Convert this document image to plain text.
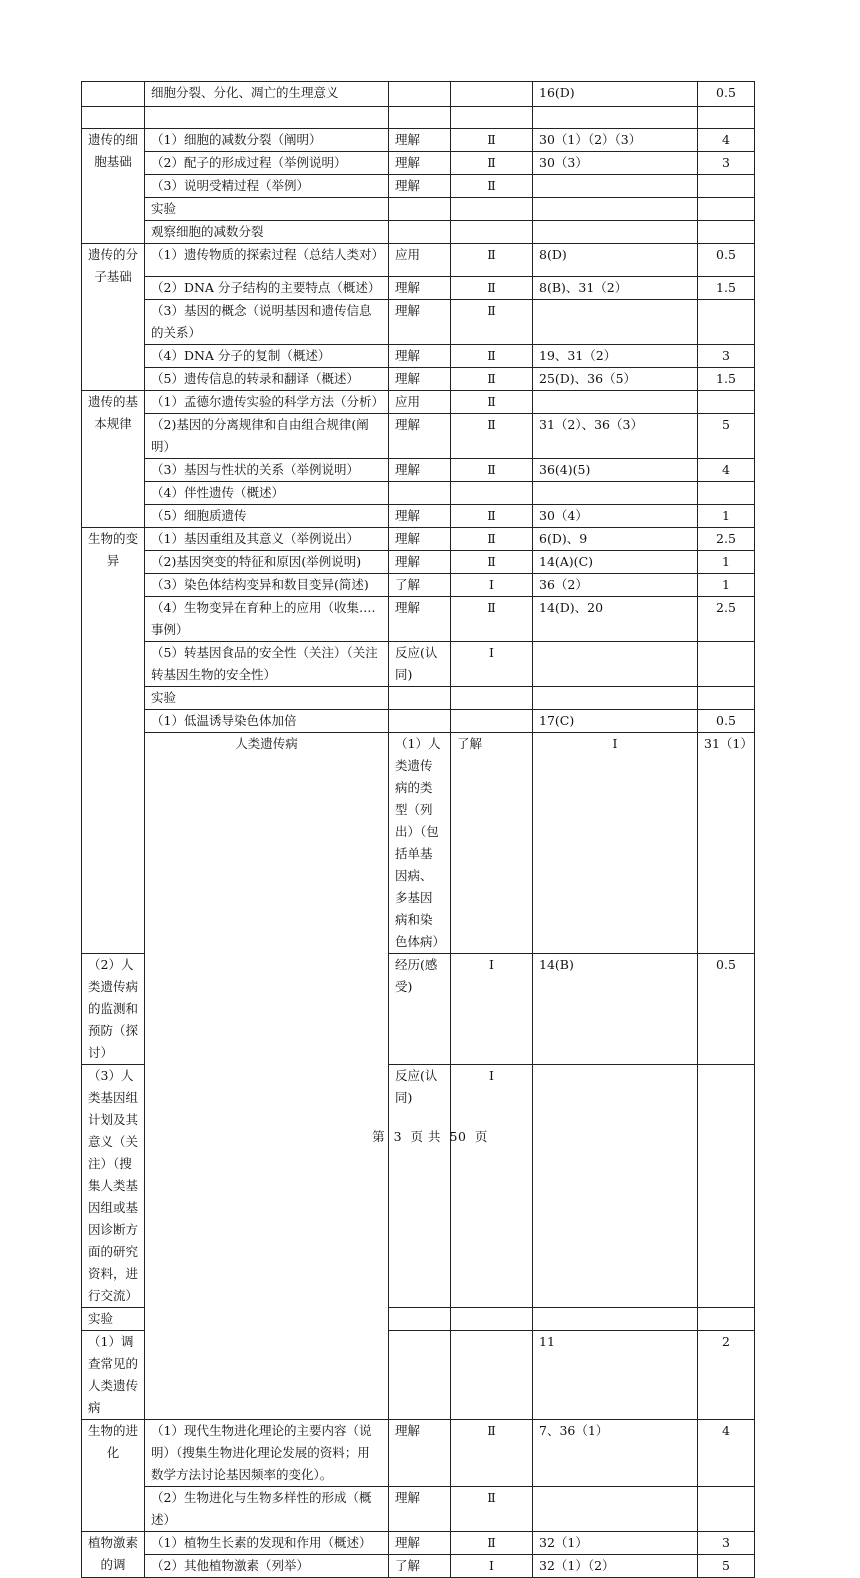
	细胞分裂、分化、凋亡的生理意义			16(D)	0.5	

遗传的细胞基础	（1）细胞的减数分裂（阐明）	理解	Ⅱ	30（1）（2）（3）	4	
	（2）配子的形成过程（举例说明）	理解	Ⅱ	30（3）	3	
	（3）说明受精过程（举例）	理解	Ⅱ			
	实验					
	观察细胞的减数分裂					
遗传的分子基础	（1）遗传物质的探索过程（总结人类对）	应用	Ⅱ	8(D)	0.5	
	（2）DNA 分子结构的主要特点（概述）	理解	Ⅱ	8(B)、31（2）	1.5	
	（3）基因的概念（说明基因和遗传信息的关系）	理解	Ⅱ			
	（4）DNA 分子的复制（概述）	理解	Ⅱ	19、31（2）	3	
	（5）遗传信息的转录和翻译（概述）	理解	Ⅱ	25(D)、36（5）	1.5	
遗传的基本规律	（1）孟德尔遗传实验的科学方法（分析）	应用	Ⅱ			
	（2)基因的分离规律和自由组合规律(阐明）	理解	Ⅱ	31（2）、36（3）	5	
	（3）基因与性状的关系（举例说明）	理解	Ⅱ	36(4)(5)	4	
	（4）伴性遗传（概述）					
	（5）细胞质遗传	理解	Ⅱ	30（4）	1	
生物的变异	（1）基因重组及其意义（举例说出）	理解	Ⅱ	6(D)、9	2.5	
	（2)基因突变的特征和原因(举例说明)	理解	Ⅱ	14(A)(C)	1	
	（3）染色体结构变异和数目变异(简述)	了解	Ⅰ	36（2）	1	
	（4）生物变异在育种上的应用（收集….事例）	理解	Ⅱ	14(D)、20	2.5	
	（5）转基因食品的安全性（关注）（关注转基因生物的安全性）	反应(认同)	Ⅰ			
	实验					
	（1）低温诱导染色体加倍			17(C)	0.5	
	人类遗传病	（1）人类遗传病的类型（列出）（包括单基因病、多基因病和染色体病）	了解	Ⅰ	31（1）	
（2）人类遗传病的监测和预防（探讨）		经历(感受)	Ⅰ	14(B)	0.5	
（3）人类基因组计划及其意义（关注）（搜集人类基因组或基因诊断方面的研究资料，进行交流）		反应(认同)	Ⅰ			
实验						
（1）调查常见的人类遗传病				11	2	
生物的进化	（1）现代生物进化理论的主要内容（说明）（搜集生物进化理论发展的资料；用数学方法讨论基因频率的变化）。	理解	Ⅱ	7、36（1）	4	
	（2）生物进化与生物多样性的形成（概述）	理解	Ⅱ			
植物激素的调	（1）植物生长素的发现和作用（概述）	理解	Ⅱ	32（1）	3	
	（2）其他植物激素（列举）	了解	Ⅰ	32（1）（2）	5	
第 3 页 共 50 页
